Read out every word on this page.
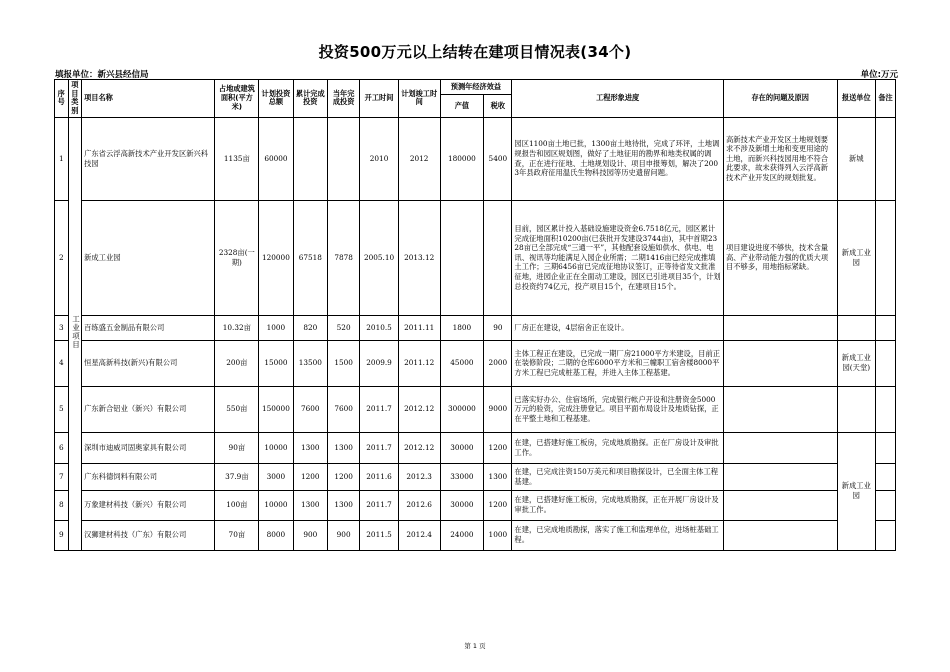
投资500万元以上结转在建项目情况表(34个)
填报单位：新兴县经信局	单位:万元
序号	项目类别	项目名称	占地或建筑面积(平方米)	计划投资总额	累计完成投资	当年完成投资	开工时间	计划竣工时间	预测年经济效益		工程形象进度	存在的问题及原因	报送单位	备注
									产值	税收				
1	工业项目	广东省云浮高新技术产业开发区新兴科技园	1135亩	60000			2010	2012	180000	5400	园区1100亩土地已批，1300亩土地待批，完成了环评，土地调规报告和园区规划图，做好了土地征用的勘界和地类权属的调查，正在进行征地、土地规划设计、项目申报筹划，解决了2003年县政府征用温氏生物科技园等历史遗留问题。	高新技术产业开发区土地规划要求不涉及新增土地和变更用途的土地，而新兴科技园用地不符合此要求，故未获得列入云浮高新技术产业开发区的规划批复。	新城	
2		新成工业园	2328亩(一期)	120000	67518	7878	2005.10	2013.12			目前，园区累计投入基础设施建设资金6.7518亿元，园区累计完成征地面积10200亩(已获批开发建设3744亩)，其中首期2328亩已全部完成“三通一平”，其他配套设施如供水、供电、电讯、视讯等均能满足入园企业所需；二期1416亩已经完成推填土工作；三期6456亩已完成征地协议签订，正等待省发文批准征地，进园企业正在全面动工建设，园区已引进项目35个，计划总投资约74亿元，投产项目15个，在建项目15个。	项目建设进度不够快，技术含量高、产业带动能力强的优质大项目不够多，用地指标紧缺。	新成工业园	
3		百练盛五金制品有限公司	10.32亩	1000	820	520	2010.5	2011.11	1800	90	厂房正在建设，4层宿舍正在设计。			
4		恒星高新科技(新兴)有限公司	200亩	15000	13500	1500	2009.9	2011.12	45000	2000	主体工程正在建设，已完成一期厂房21000平方米建设，目前正在装修阶段；二期的仓库6000平方米和三幢职工宿舍楼8000平方米工程已完成桩基工程，并进入主体工程基建。		新成工业园(天堂)	
5		广东新合铝业（新兴）有限公司	550亩	150000	7600	7600	2011.7	2012.12	300000	9000	已落实好办公、住宿场所，完成银行帐户开设和注册资金5000万元的验资，完成注册登记。项目平面布局设计及地质钻探，正在平整土地和工程基建。			
6		深圳市迪威司固奥家具有限公司	90亩	10000	1300	1300	2011.7	2012.12	30000	1200	在建，已搭建好施工板房，完成地质勘探。正在厂房设计及审批工作。		新成工业园	
7		广东科德饲料有限公司	37.9亩	3000	1200	1200	2011.6	2012.3	33000	1300	在建，已完成注资150万美元和项目勘探设计，已全面主体工程基建。			
8		万象建材科技（新兴）有限公司	100亩	10000	1300	1300	2011.7	2012.6	30000	1200	在建，已搭建好施工板房，完成地质勘探，正在开展厂房设计及审批工作。			
9		汉狮建材科技（广东）有限公司	70亩	8000	900	900	2011.5	2012.4	24000	1000	在建，已完成地质勘探，落实了施工和监理单位，进场桩基础工程。			
第 1 页
